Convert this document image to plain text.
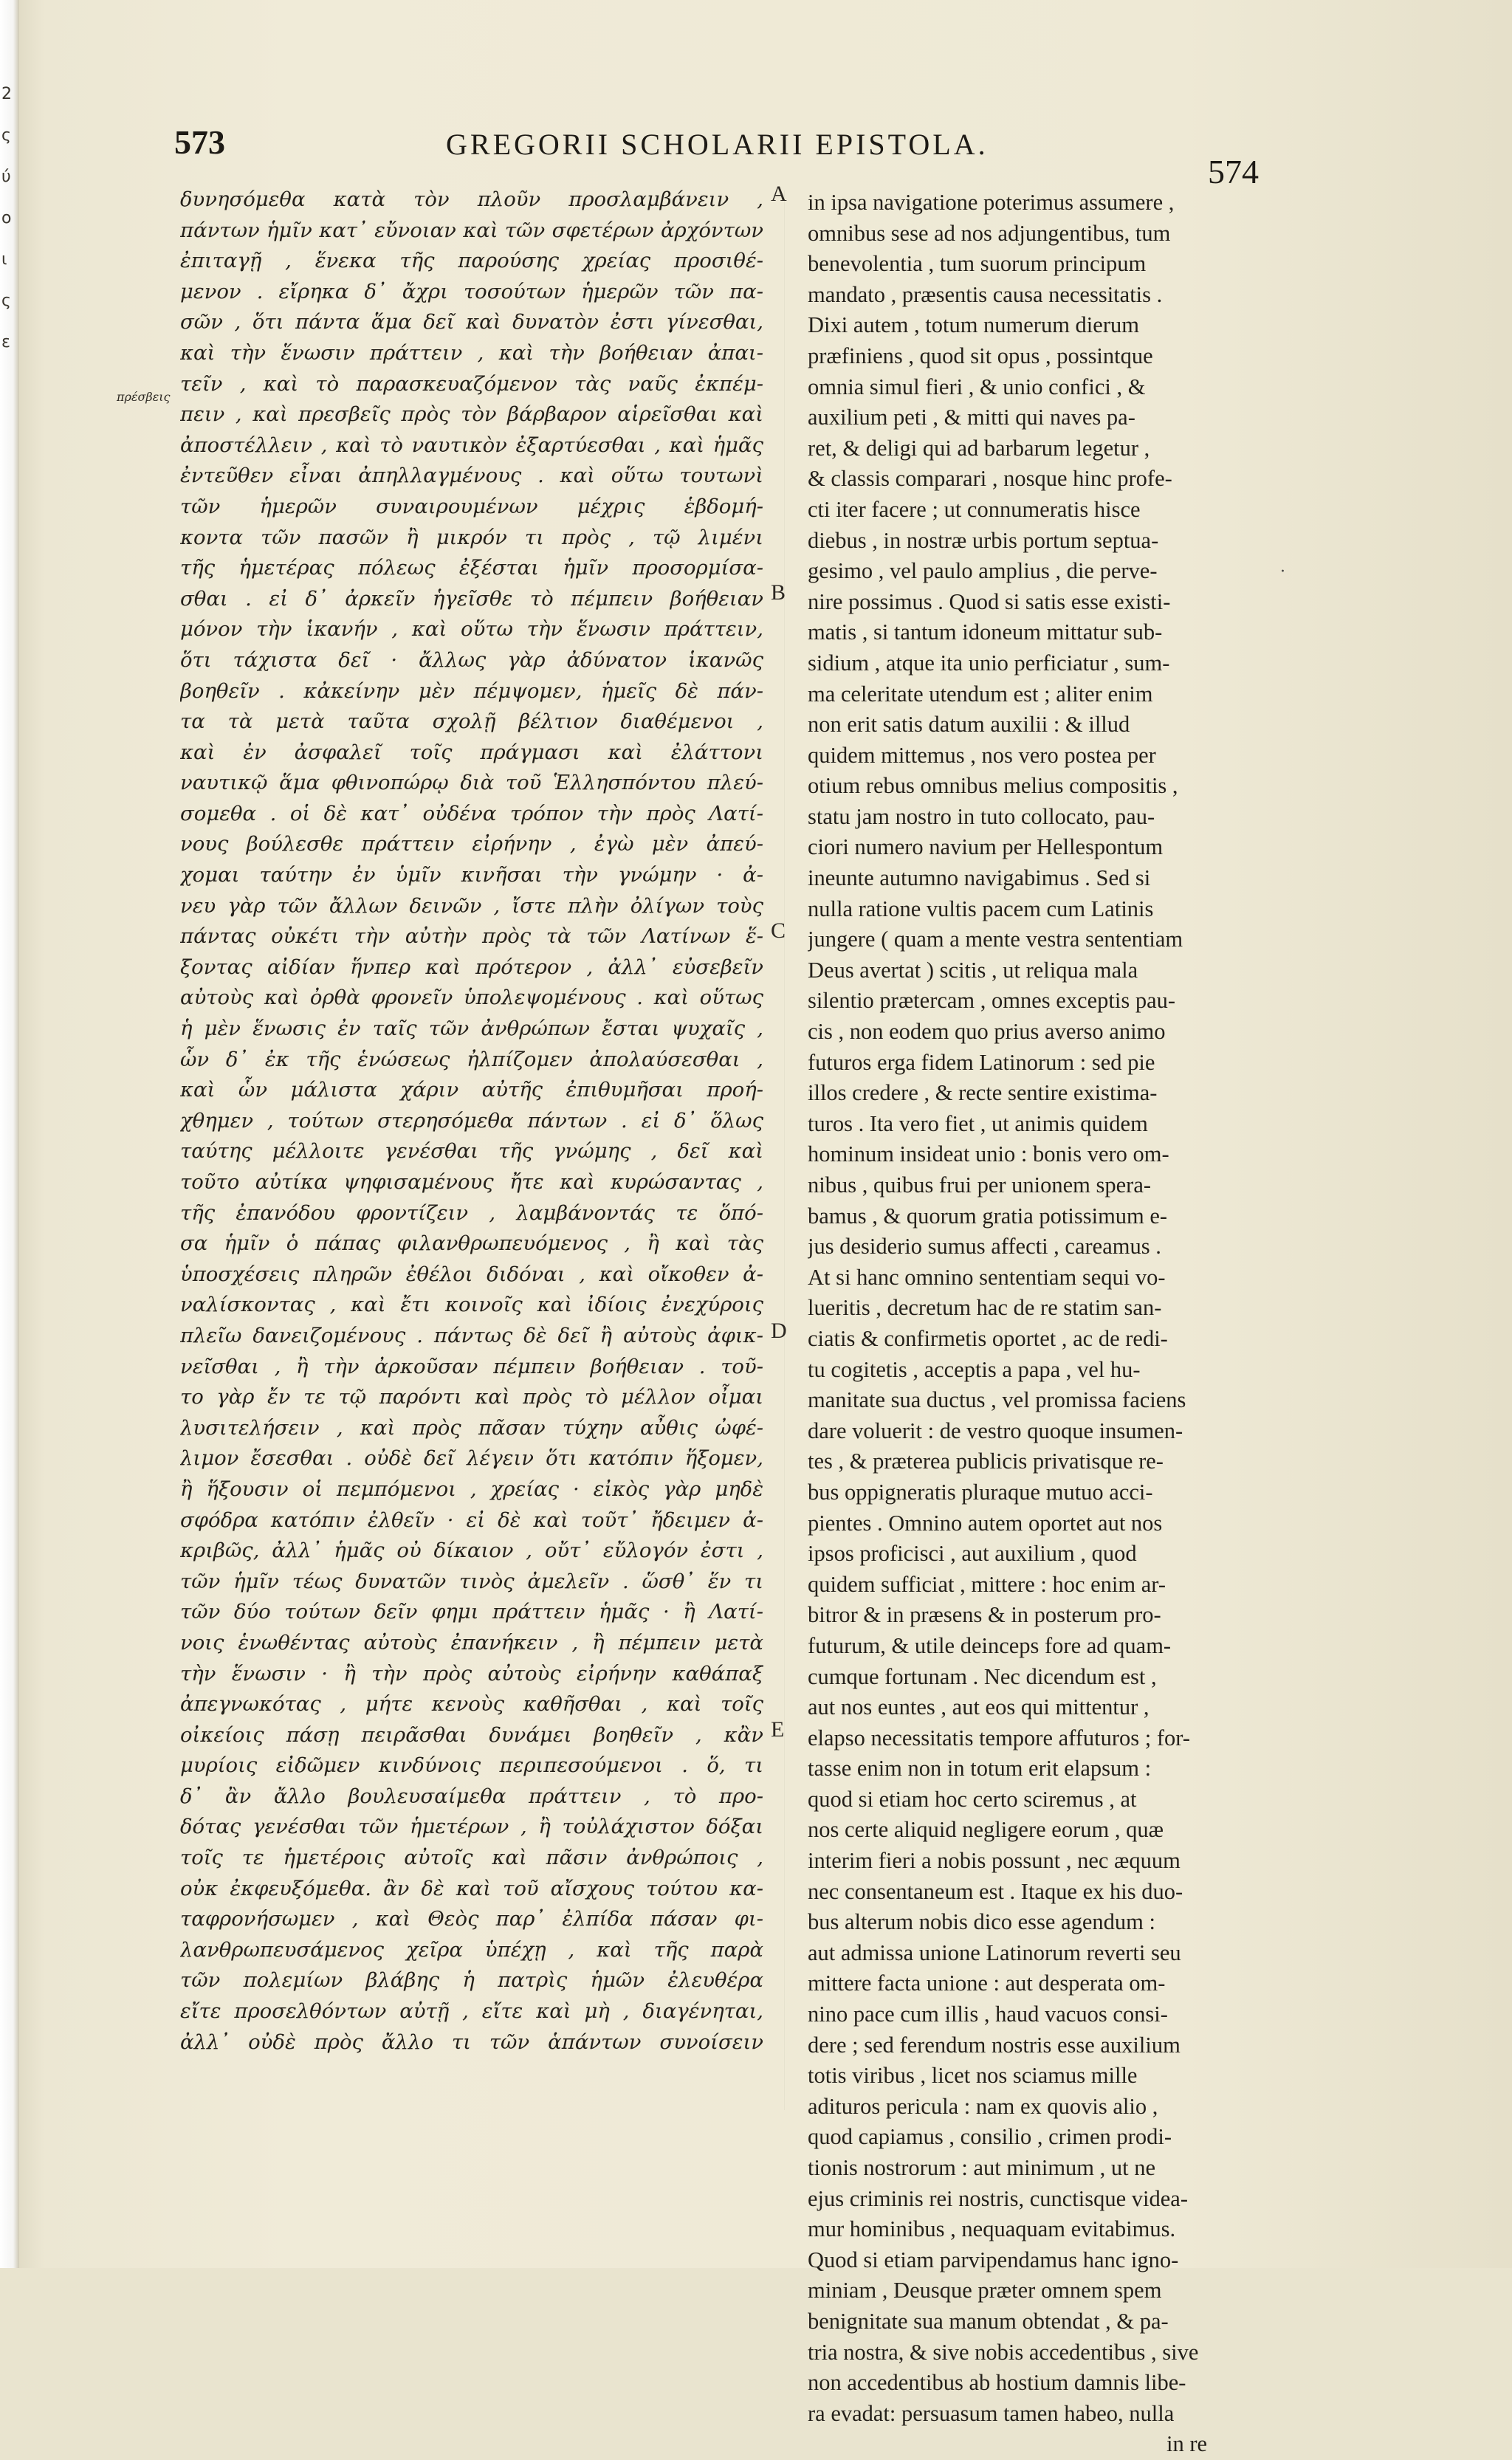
2
ς
ύ
ο
ι
ς
ε
573	GREGORII SCHOLARII EPISTOLA.
574
πρέσβεις
A
B
C
D
E
·
δυνησόμεθα κατὰ τὸν πλοῦν προσλαμβάνειν ,
πάντων ἡμῖν κατ᾽ εὔνοιαν καὶ τῶν σφετέρων ἀρχόντων
ἐπιταγῇ , ἕνεκα τῆς παρούσης χρείας προσιθέ-
μενον . εἴρηκα δ᾽ ἄχρι τοσούτων ἡμερῶν τῶν πα-
σῶν , ὅτι πάντα ἅμα δεῖ καὶ δυνατὸν ἐστι γίνεσθαι,
καὶ τὴν ἕνωσιν πράττειν , καὶ τὴν βοήθειαν ἀπαι-
τεῖν , καὶ τὸ παρασκευαζόμενον τὰς ναῦς ἐκπέμ-
πειν , καὶ πρεσβεῖς πρὸς τὸν βάρβαρον αἱρεῖσθαι καὶ
ἀποστέλλειν , καὶ τὸ ναυτικὸν ἐξαρτύεσθαι , καὶ ἡμᾶς
ἐντεῦθεν εἶναι ἀπηλλαγμένους . καὶ οὕτω τουτωνὶ
τῶν ἡμερῶν συναιρουμένων μέχρις ἑβδομή-
κοντα τῶν πασῶν ἢ μικρόν τι πρὸς , τῷ λιμένι
τῆς ἡμετέρας πόλεως ἐξέσται ἡμῖν προσορμίσα-
σθαι . εἰ δ᾽ ἀρκεῖν ἡγεῖσθε τὸ πέμπειν βοήθειαν
μόνον τὴν ἱκανήν , καὶ οὕτω τὴν ἕνωσιν πράττειν,
ὅτι τάχιστα δεῖ · ἄλλως γὰρ ἀδύνατον ἱκανῶς
βοηθεῖν . κἀκείνην μὲν πέμψομεν, ἡμεῖς δὲ πάν-
τα τὰ μετὰ ταῦτα σχολῇ βέλτιον διαθέμενοι ,
καὶ ἐν ἀσφαλεῖ τοῖς πράγμασι καὶ ἐλάττονι
ναυτικῷ ἅμα φθινοπώρῳ διὰ τοῦ Ἑλλησπόντου πλεύ-
σομεθα . οἱ δὲ κατ᾽ οὐδένα τρόπον τὴν πρὸς Λατί-
νους βούλεσθε πράττειν εἰρήνην , ἐγὼ μὲν ἀπεύ-
χομαι ταύτην ἐν ὑμῖν κινῆσαι τὴν γνώμην · ἀ-
νευ γὰρ τῶν ἄλλων δεινῶν , ἴστε πλὴν ὀλίγων τοὺς
πάντας οὐκέτι τὴν αὐτὴν πρὸς τὰ τῶν Λατίνων ἕ-
ξοντας αἰδίαν ἥνπερ καὶ πρότερον , ἀλλ᾽ εὐσεβεῖν
αὐτοὺς καὶ ὀρθὰ φρονεῖν ὑπολεψομένους . καὶ οὕτως
ἡ μὲν ἕνωσις ἐν ταῖς τῶν ἀνθρώπων ἔσται ψυχαῖς ,
ὧν δ᾽ ἐκ τῆς ἑνώσεως ἠλπίζομεν ἀπολαύσεσθαι ,
καὶ ὧν μάλιστα χάριν αὐτῆς ἐπιθυμῆσαι προή-
χθημεν , τούτων στερησόμεθα πάντων . εἰ δ᾽ ὅλως
ταύτης μέλλοιτε γενέσθαι τῆς γνώμης , δεῖ καὶ
τοῦτο αὐτίκα ψηφισαμένους ἤτε καὶ κυρώσαντας ,
τῆς ἐπανόδου φροντίζειν , λαμβάνοντάς τε ὅπό-
σα ἡμῖν ὁ πάπας φιλανθρωπευόμενος , ἢ καὶ τὰς
ὑποσχέσεις πληρῶν ἐθέλοι διδόναι , καὶ οἴκοθεν ἀ-
ναλίσκοντας , καὶ ἔτι κοινοῖς καὶ ἰδίοις ἐνεχύροις
πλεῖω δανειζομένους . πάντως δὲ δεῖ ἢ αὐτοὺς ἀφικ-
νεῖσθαι , ἢ τὴν ἀρκοῦσαν πέμπειν βοήθειαν . τοῦ-
το γὰρ ἔν τε τῷ παρόντι καὶ πρὸς τὸ μέλλον οἶμαι
λυσιτελήσειν , καὶ πρὸς πᾶσαν τύχην αὖθις ὠφέ-
λιμον ἔσεσθαι . οὐδὲ δεῖ λέγειν ὅτι κατόπιν ἥξομεν,
ἢ ἥξουσιν οἱ πεμπόμενοι , χρείας · εἰκὸς γὰρ μηδὲ
σφόδρα κατόπιν ἐλθεῖν · εἰ δὲ καὶ τοῦτ᾽ ἤδειμεν ἀ-
κριβῶς, ἀλλ᾽ ἡμᾶς οὐ δίκαιον , οὔτ᾽ εὔλογόν ἐστι ,
τῶν ἡμῖν τέως δυνατῶν τινὸς ἀμελεῖν . ὥσθ᾽ ἕν τι
τῶν δύο τούτων δεῖν φημι πράττειν ἡμᾶς · ἢ Λατί-
νοις ἑνωθέντας αὐτοὺς ἐπανήκειν , ἢ πέμπειν μετὰ
τὴν ἕνωσιν · ἢ τὴν πρὸς αὐτοὺς εἰρήνην καθάπαξ
ἀπεγνωκότας , μήτε κενοὺς καθῆσθαι , καὶ τοῖς
οἰκείοις πάσῃ πειρᾶσθαι δυνάμει βοηθεῖν , κἂν
μυρίοις εἰδῶμεν κινδύνοις περιπεσούμενοι . ὅ, τι
δ᾽ ἂν ἄλλο βουλευσαίμεθα πράττειν , τὸ προ-
δότας γενέσθαι τῶν ἡμετέρων , ἢ τοὐλάχιστον δόξαι
τοῖς τε ἡμετέροις αὐτοῖς καὶ πᾶσιν ἀνθρώποις ,
οὐκ ἐκφευξόμεθα. ἂν δὲ καὶ τοῦ αἴσχους τούτου κα-
ταφρονήσωμεν , καὶ Θεὸς παρ᾽ ἐλπίδα πάσαν φι-
λανθρωπευσάμενος χεῖρα ὑπέχῃ , καὶ τῆς παρὰ
τῶν πολεμίων βλάβης ἡ πατρὶς ἡμῶν ἐλευθέρα
εἴτε προσελθόντων αὐτῇ , εἴτε καὶ μὴ , διαγένηται,
ἀλλ᾽ οὐδὲ πρὸς ἄλλο τι τῶν ἁπάντων συνοίσειν
in ipsa navigatione poterimus assumere ,
omnibus sese ad nos adjungentibus, tum
benevolentia , tum suorum principum
mandato , præsentis causa necessitatis .
Dixi autem , totum numerum dierum
præfiniens , quod sit opus , possintque
omnia simul fieri , & unio confici , &
auxilium peti , & mitti qui naves pa-
ret, & deligi qui ad barbarum legetur ,
& classis comparari , nosque hinc profe-
cti iter facere ; ut connumeratis hisce
diebus , in nostræ urbis portum septua-
gesimo , vel paulo amplius , die perve-
nire possimus . Quod si satis esse existi-
matis , si tantum idoneum mittatur sub-
sidium , atque ita unio perficiatur , sum-
ma celeritate utendum est ; aliter enim
non erit satis datum auxilii : & illud
quidem mittemus , nos vero postea per
otium rebus omnibus melius compositis ,
statu jam nostro in tuto collocato, pau-
ciori numero navium per Hellespontum
ineunte autumno navigabimus . Sed si
nulla ratione vultis pacem cum Latinis
jungere ( quam a mente vestra sententiam
Deus avertat ) scitis , ut reliqua mala
silentio prætercam , omnes exceptis pau-
cis , non eodem quo prius averso animo
futuros erga fidem Latinorum : sed pie
illos credere , & recte sentire existima-
turos . Ita vero fiet , ut animis quidem
hominum insideat unio : bonis vero om-
nibus , quibus frui per unionem spera-
bamus , & quorum gratia potissimum e-
jus desiderio sumus affecti , careamus .
At si hanc omnino sententiam sequi vo-
lueritis , decretum hac de re statim san-
ciatis & confirmetis oportet , ac de redi-
tu cogitetis , acceptis a papa , vel hu-
manitate sua ductus , vel promissa faciens
dare voluerit : de vestro quoque insumen-
tes , & præterea publicis privatisque re-
bus oppigneratis pluraque mutuo acci-
pientes . Omnino autem oportet aut nos
ipsos proficisci , aut auxilium , quod
quidem sufficiat , mittere : hoc enim ar-
bitror & in præsens & in posterum pro-
futurum, & utile deinceps fore ad quam-
cumque fortunam . Nec dicendum est ,
aut nos euntes , aut eos qui mittentur ,
elapso necessitatis tempore affuturos ; for-
tasse enim non in totum erit elapsum :
quod si etiam hoc certo sciremus , at
nos certe aliquid negligere eorum , quæ
interim fieri a nobis possunt , nec æquum
nec consentaneum est . Itaque ex his duo-
bus alterum nobis dico esse agendum :
aut admissa unione Latinorum reverti seu
mittere facta unione : aut desperata om-
nino pace cum illis , haud vacuos consi-
dere ; sed ferendum nostris esse auxilium
totis viribus , licet nos sciamus mille
adituros pericula : nam ex quovis alio ,
quod capiamus , consilio , crimen prodi-
tionis nostrorum : aut minimum , ut ne
ejus criminis rei nostris, cunctisque videa-
mur hominibus , nequaquam evitabimus.
Quod si etiam parvipendamus hanc igno-
miniam , Deusque præter omnem spem
benignitate sua manum obtendat , & pa-
tria nostra, & sive nobis accedentibus , sive
non accedentibus ab hostium damnis libe-
ra evadat: persuasum tamen habeo, nulla
in re
